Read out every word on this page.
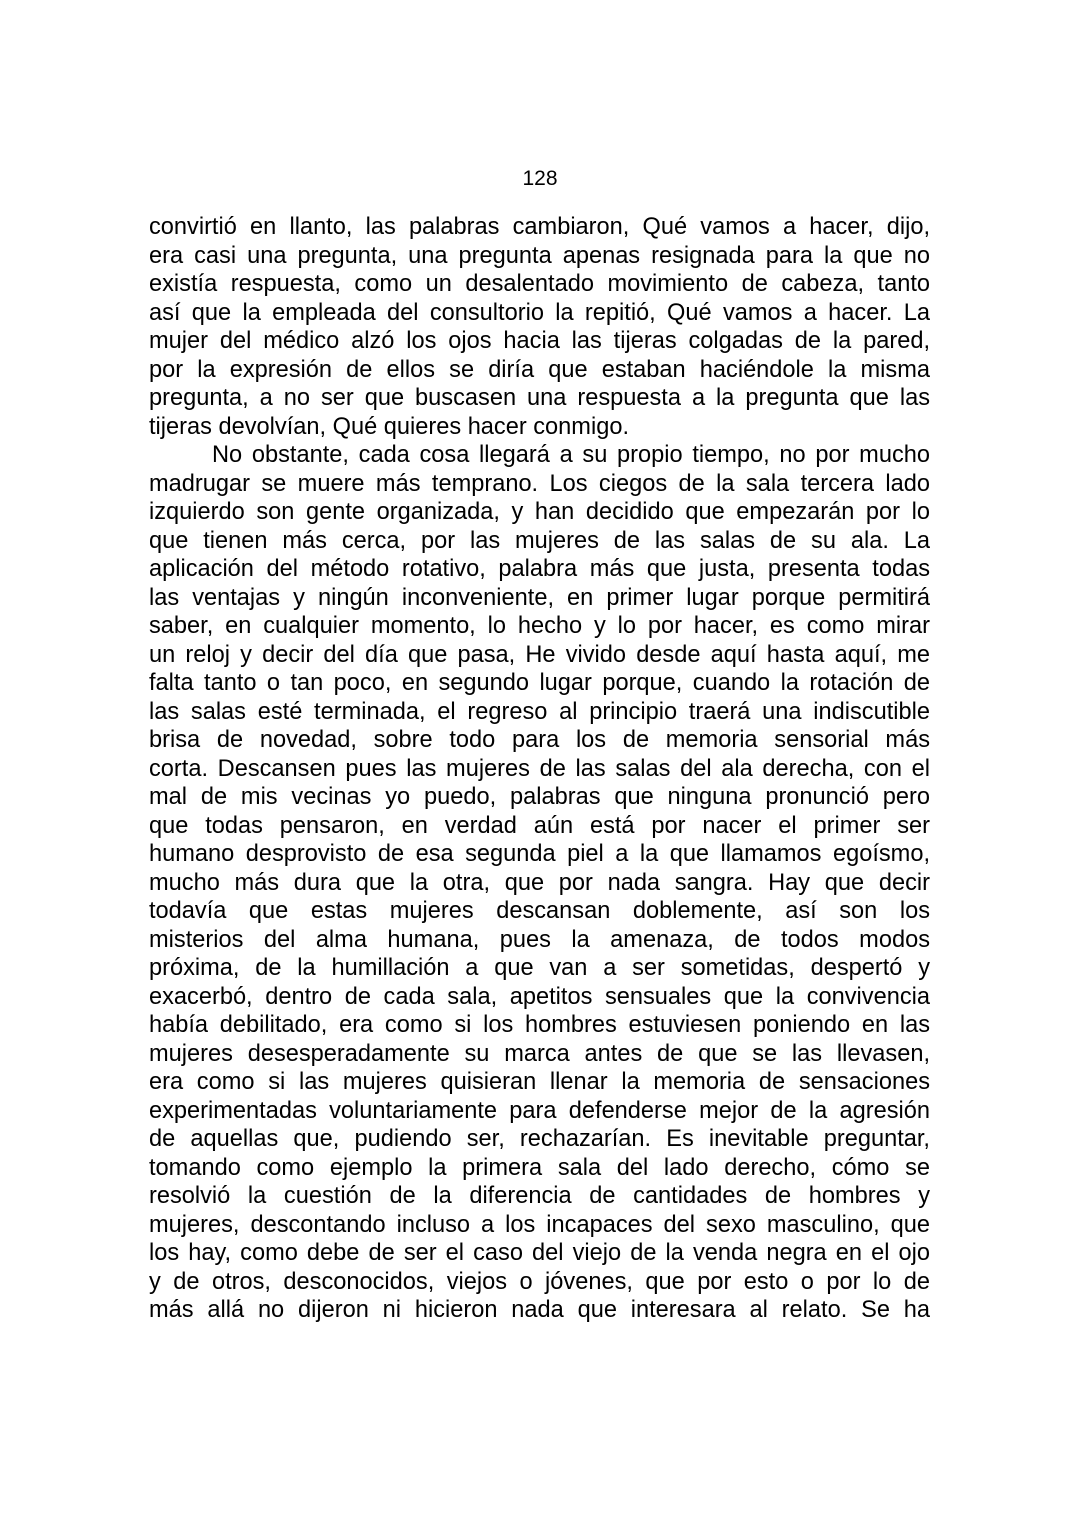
128
convirtió en llanto, las palabras cambiaron, Qué vamos a hacer, dijo,
era casi una pregunta, una pregunta apenas resignada para la que no
existía respuesta, como un desalentado movimiento de cabeza, tanto
así que la empleada del consultorio la repitió, Qué vamos a hacer. La
mujer del médico alzó los ojos hacia las tijeras colgadas de la pared,
por la expresión de ellos se diría que estaban haciéndole la misma
pregunta, a no ser que buscasen una respuesta a la pregunta que las
tijeras devolvían, Qué quieres hacer conmigo.
No obstante, cada cosa llegará a su propio tiempo, no por mucho
madrugar se muere más temprano. Los ciegos de la sala tercera lado
izquierdo son gente organizada, y han decidido que empezarán por lo
que tienen más cerca, por las mujeres de las salas de su ala. La
aplicación del método rotativo, palabra más que justa, presenta todas
las ventajas y ningún inconveniente, en primer lugar porque permitirá
saber, en cualquier momento, lo hecho y lo por hacer, es como mirar
un reloj y decir del día que pasa, He vivido desde aquí hasta aquí, me
falta tanto o tan poco, en segundo lugar porque, cuando la rotación de
las salas esté terminada, el regreso al principio traerá una indiscutible
brisa de novedad, sobre todo para los de memoria sensorial más
corta. Descansen pues las mujeres de las salas del ala derecha, con el
mal de mis vecinas yo puedo, palabras que ninguna pronunció pero
que todas pensaron, en verdad aún está por nacer el primer ser
humano desprovisto de esa segunda piel a la que llamamos egoísmo,
mucho más dura que la otra, que por nada sangra. Hay que decir
todavía que estas mujeres descansan doblemente, así son los
misterios del alma humana, pues la amenaza, de todos modos
próxima, de la humillación a que van a ser sometidas, despertó y
exacerbó, dentro de cada sala, apetitos sensuales que la convivencia
había debilitado, era como si los hombres estuviesen poniendo en las
mujeres desesperadamente su marca antes de que se las llevasen,
era como si las mujeres quisieran llenar la memoria de sensaciones
experimentadas voluntariamente para defenderse mejor de la agresión
de aquellas que, pudiendo ser, rechazarían. Es inevitable preguntar,
tomando como ejemplo la primera sala del lado derecho, cómo se
resolvió la cuestión de la diferencia de cantidades de hombres y
mujeres, descontando incluso a los incapaces del sexo masculino, que
los hay, como debe de ser el caso del viejo de la venda negra en el ojo
y de otros, desconocidos, viejos o jóvenes, que por esto o por lo de
más allá no dijeron ni hicieron nada que interesara al relato. Se ha
